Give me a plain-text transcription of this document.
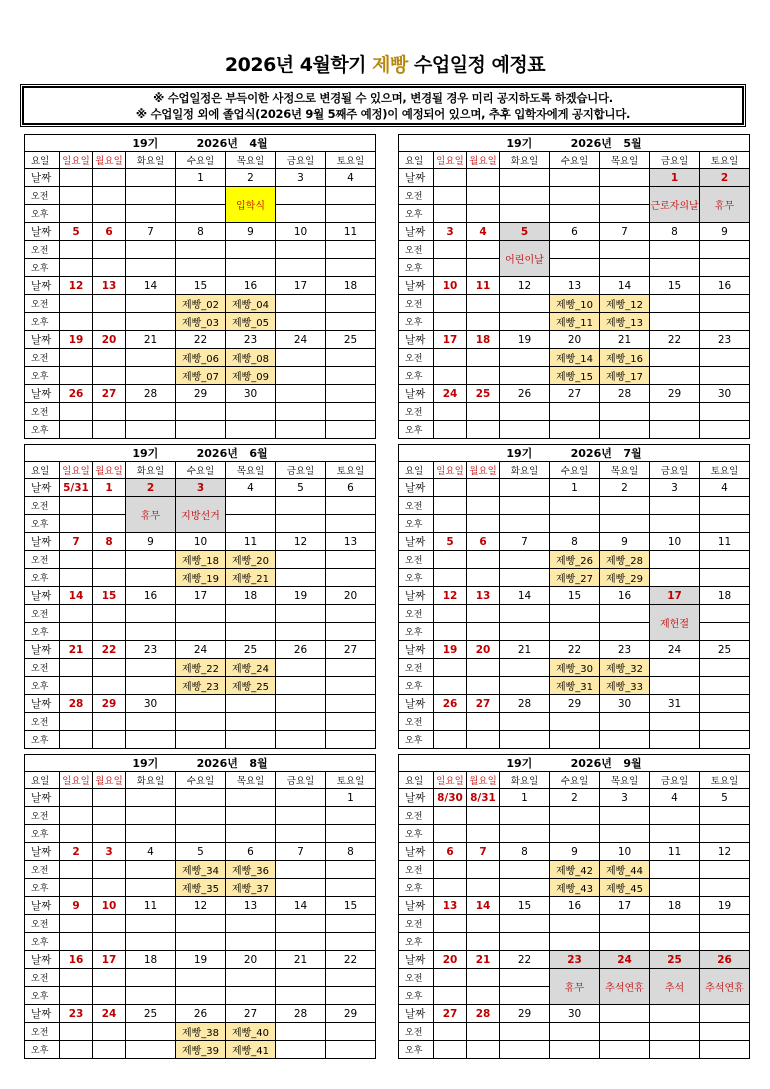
2026년 4월학기 제빵 수업일정 예정표
※ 수업일정은 부득이한 사정으로 변경될 수 있으며, 변경될 경우 미리 공지하도록 하겠습니다.
※ 수업일정 외에 졸업식(2026년 9월 5째주 예정)이 예정되어 있으며, 추후 입학자에게 공지합니다.
19기          2026년   4월							
요일	일요일	월요일	화요일	수요일	목요일	금요일	토요일
날짜				1	2	3	4
오전					입학식		
오후							
날짜	5	6	7	8	9	10	11
오전							
오후							
날짜	12	13	14	15	16	17	18
오전				제빵_02	제빵_04		
오후				제빵_03	제빵_05		
날짜	19	20	21	22	23	24	25
오전				제빵_06	제빵_08		
오후				제빵_07	제빵_09		
날짜	26	27	28	29	30		
오전							
오후							
19기          2026년   5월							
요일	일요일	월요일	화요일	수요일	목요일	금요일	토요일
날짜						1	2
오전						근로자의날	휴무
오후							
날짜	3	4	5	6	7	8	9
오전			어린이날				
오후							
날짜	10	11	12	13	14	15	16
오전				제빵_10	제빵_12		
오후				제빵_11	제빵_13		
날짜	17	18	19	20	21	22	23
오전				제빵_14	제빵_16		
오후				제빵_15	제빵_17		
날짜	24	25	26	27	28	29	30
오전							
오후							
19기          2026년   6월							
요일	일요일	월요일	화요일	수요일	목요일	금요일	토요일
날짜	5/31	1	2	3	4	5	6
오전			휴무	지방선거			
오후							
날짜	7	8	9	10	11	12	13
오전				제빵_18	제빵_20		
오후				제빵_19	제빵_21		
날짜	14	15	16	17	18	19	20
오전							
오후							
날짜	21	22	23	24	25	26	27
오전				제빵_22	제빵_24		
오후				제빵_23	제빵_25		
날짜	28	29	30				
오전							
오후							
19기          2026년   7월							
요일	일요일	월요일	화요일	수요일	목요일	금요일	토요일
날짜				1	2	3	4
오전							
오후							
날짜	5	6	7	8	9	10	11
오전				제빵_26	제빵_28		
오후				제빵_27	제빵_29		
날짜	12	13	14	15	16	17	18
오전						제헌절	
오후							
날짜	19	20	21	22	23	24	25
오전				제빵_30	제빵_32		
오후				제빵_31	제빵_33		
날짜	26	27	28	29	30	31	
오전							
오후							
19기          2026년   8월							
요일	일요일	월요일	화요일	수요일	목요일	금요일	토요일
날짜							1
오전							
오후							
날짜	2	3	4	5	6	7	8
오전				제빵_34	제빵_36		
오후				제빵_35	제빵_37		
날짜	9	10	11	12	13	14	15
오전							
오후							
날짜	16	17	18	19	20	21	22
오전							
오후							
날짜	23	24	25	26	27	28	29
오전				제빵_38	제빵_40		
오후				제빵_39	제빵_41		
19기          2026년   9월							
요일	일요일	월요일	화요일	수요일	목요일	금요일	토요일
날짜	8/30	8/31	1	2	3	4	5
오전							
오후							
날짜	6	7	8	9	10	11	12
오전				제빵_42	제빵_44		
오후				제빵_43	제빵_45		
날짜	13	14	15	16	17	18	19
오전							
오후							
날짜	20	21	22	23	24	25	26
오전				휴무	추석연휴	추석	추석연휴
오후							
날짜	27	28	29	30			
오전							
오후							
